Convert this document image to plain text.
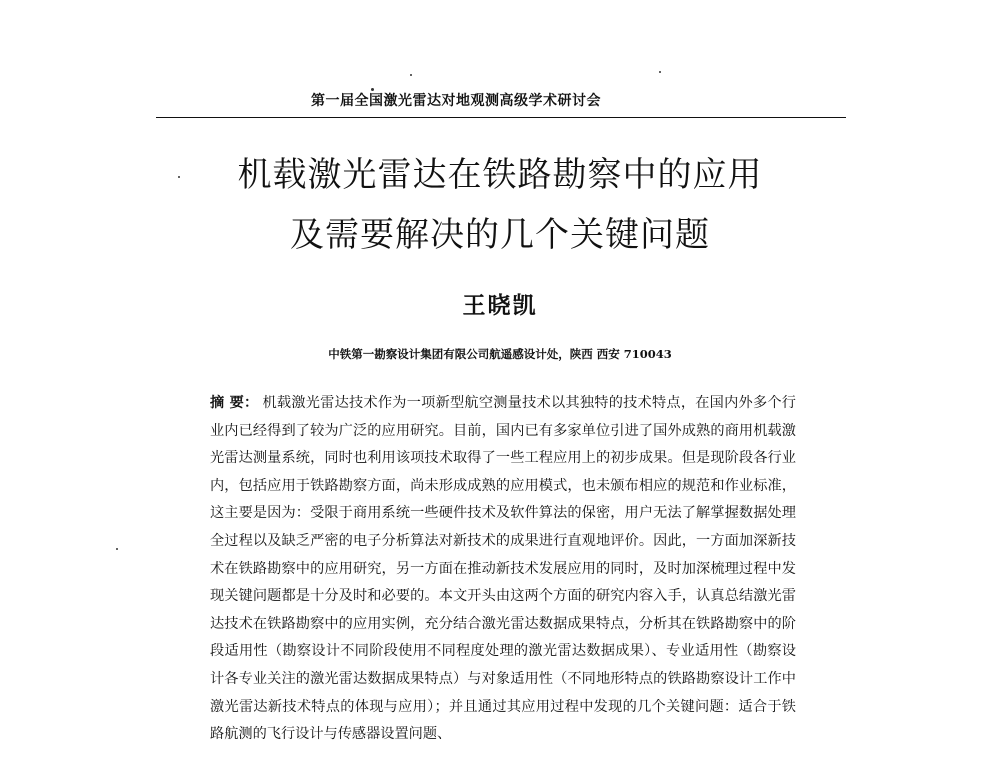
第一届全国激光雷达对地观测高级学术研讨会
机载激光雷达在铁路勘察中的应用
及需要解决的几个关键问题
王晓凯
中铁第一勘察设计集团有限公司航遥感设计处，陕西 西安 710043

摘 要： 机载激光雷达技术作为一项新型航空测量技术以其独特的技术特点，在国内外多个行业内已经得到了较为广泛的应用研究。目前，国内已有多家单位引进了国外成熟的商用机载激光雷达测量系统，同时也利用该项技术取得了一些工程应用上的初步成果。但是现阶段各行业内，包括应用于铁路勘察方面，尚未形成成熟的应用模式，也未颁布相应的规范和作业标准，这主要是因为：受限于商用系统一些硬件技术及软件算法的保密，用户无法了解掌握数据处理全过程以及缺乏严密的电子分析算法对新技术的成果进行直观地评价。因此，一方面加深新技术在铁路勘察中的应用研究，另一方面在推动新技术发展应用的同时，及时加深梳理过程中发现关键问题都是十分及时和必要的。本文开头由这两个方面的研究内容入手，认真总结激光雷达技术在铁路勘察中的应用实例，充分结合激光雷达数据成果特点，分析其在铁路勘察中的阶段适用性（勘察设计不同阶段使用不同程度处理的激光雷达数据成果）、专业适用性（勘察设计各专业关注的激光雷达数据成果特点）与对象适用性（不同地形特点的铁路勘察设计工作中激光雷达新技术特点的体现与应用）；并且通过其应用过程中发现的几个关键问题：适合于铁路航测的飞行设计与传感器设置问题、
